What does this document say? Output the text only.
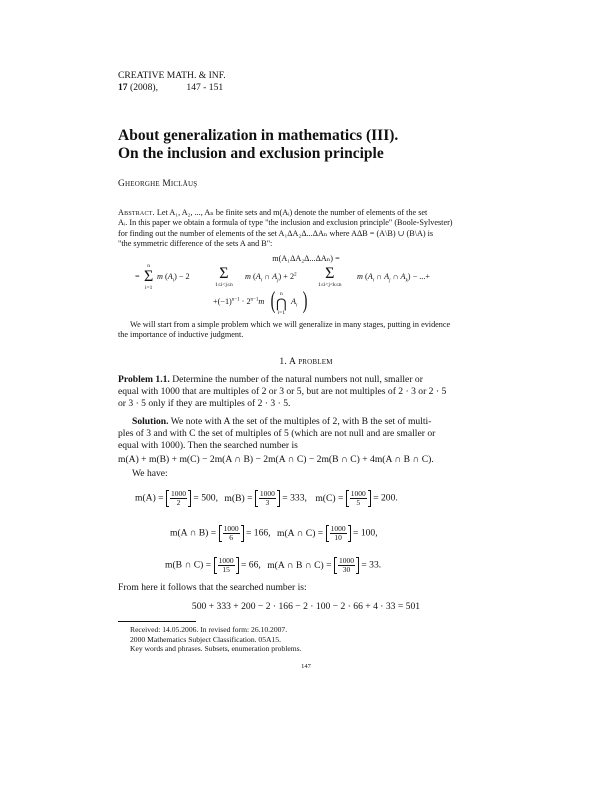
CREATIVE MATH. & INF.
17 (2008),	147 - 151
About generalization in mathematics (III).
On the inclusion and exclusion principle
Gheorghe Miclăuş
Abstract. Let A₁, A₂, ..., Aₙ be finite sets and m(Aᵢ) denote the number of elements of the set
Aᵢ. In this paper we obtain a formula of type "the inclusion and exclusion principle" (Boole-Sylvester)
for finding out the number of elements of the set A₁ΔA₂Δ...ΔAₙ where AΔB = (A\B) ∪ (B\A) is
"the symmetric difference of the sets A and B":
m(A₁ΔA₂Δ...ΔAₙ) =
=
n
Σ
i=1
m $(A_i) - 2$ Σ
1≤i<j≤n
m ($A_i$ ∩ $A_j) + 2^2$ Σ
1≤i<j<k≤n
m ($A_i$ ∩ $A_j$ ∩ $A_k$) − ...+
$+(-1)^{n-1} \cdot 2^{n-1}m$ ( n
⋂
i=1
$A_i$ )
We will start from a simple problem which we will generalize in many stages, putting in evidence
the importance of inductive judgment.
1. A problem
Problem 1.1. Determine the number of the natural numbers not null, smaller or
equal with 1000 that are multiples of 2 or 3 or 5, but are not multiples of 2 · 3 or 2 · 5
or 3 · 5 only if they are multiples of 2 · 3 · 5.
Solution. We note with A the set of the multiples of 2, with B the set of multi-
ples of 3 and with C the set of multiples of 5 (which are not null and are smaller or
equal with 1000). Then the searched number is
m(A) + m(B) + m(C) − 2m(A ∩ B) − 2m(A ∩ C) − 2m(B ∩ C) + 4m(A ∩ B ∩ C).
We have:
$m(A) = \frac{1000}{2} = 500$, $m(B) = \frac{1000}{3} = 333$, $m(C) = \frac{1000}{5} = 200$.
m(A ∩ $B) = \frac{1000}{6} = 166$, m(A ∩ $C) = \frac{1000}{10} = 100$,
m(B ∩ $C) = \frac{1000}{15} = 66$, m(A ∩ B ∩ $C) = \frac{1000}{30} = 33$.
From here it follows that the searched number is:
500 + 333 + 200 − 2 · 166 − 2 · 100 − 2 · 66 + 4 · 33 = 501
Received: 14.05.2006. In revised form: 26.10.2007.
2000 Mathematics Subject Classification. 05A15.
Key words and phrases. Subsets, enumeration problems.
147
